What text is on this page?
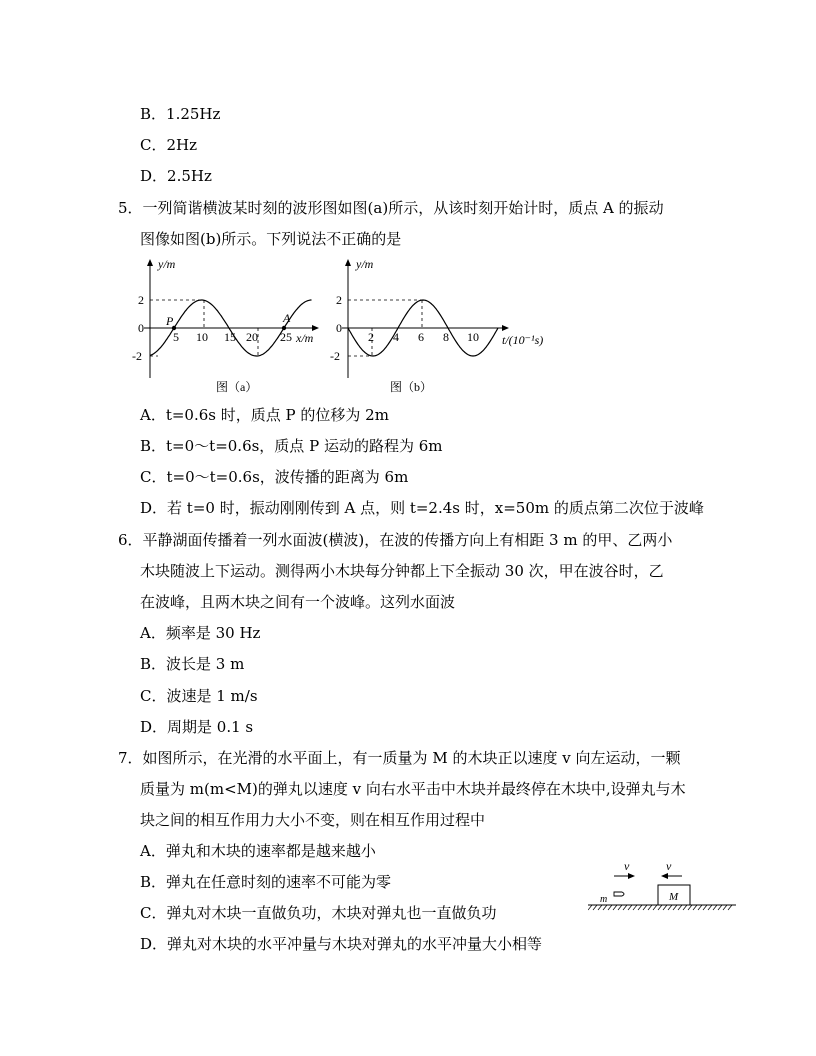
B．1.25Hz
C．2Hz
D．2.5Hz
5．一列简谐横波某时刻的波形图如图(a)所示，从该时刻开始计时，质点 A 的振动
图像如图(b)所示。下列说法不正确的是
y/m
x/m
2
0
-2
5 10 15 20 25
P	A
图（a）
y/m
t/(10⁻¹s)
2
0
-2
2 4 6 8 10
图（b）
A．t=0.6s 时，质点 P 的位移为 2m
B．t=0～t=0.6s，质点 P 运动的路程为 6m
C．t=0～t=0.6s，波传播的距离为 6m
D．若 t=0 时，振动刚刚传到 A 点，则 t=2.4s 时，x=50m 的质点第二次位于波峰
6．平静湖面传播着一列水面波(横波)，在波的传播方向上有相距 3 m 的甲、乙两小
木块随波上下运动。测得两小木块每分钟都上下全振动 30 次，甲在波谷时，乙
在波峰，且两木块之间有一个波峰。这列水面波
A．频率是 30 Hz
B．波长是 3 m
C．波速是 1 m/s
D．周期是 0.1 s
7．如图所示，在光滑的水平面上，有一质量为 M 的木块正以速度 v 向左运动，一颗
质量为 m(m<M)的弹丸以速度 v 向右水平击中木块并最终停在木块中,设弹丸与木
块之间的相互作用力大小不变，则在相互作用过程中
A．弹丸和木块的速率都是越来越小
B．弹丸在任意时刻的速率不可能为零
C．弹丸对木块一直做负功，木块对弹丸也一直做负功
D．弹丸对木块的水平冲量与木块对弹丸的水平冲量大小相等
v	v
m	M
